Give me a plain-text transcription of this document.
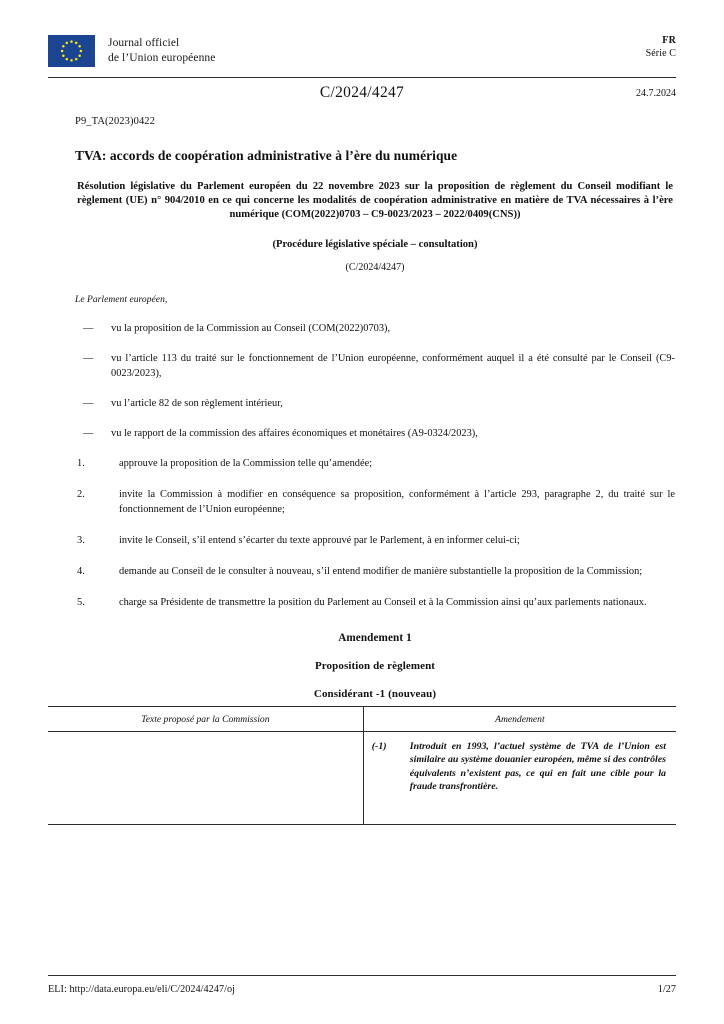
Journal officiel
de l’Union européenne
FR
Série C
C/2024/4247	24.7.2024

P9_TA(2023)0422

TVA: accords de coopération administrative à l’ère du numérique

Résolution législative du Parlement européen du 22 novembre 2023 sur la proposition de règlement du Conseil modifiant le règlement (UE) n° 904/2010 en ce qui concerne les modalités de coopération administrative en matière de TVA nécessaires à l’ère numérique (COM(2022)0703 – C9-0023/2023 – 2022/0409(CNS))

(Procédure législative spéciale – consultation)

(C/2024/4247)

Le Parlement européen,

— vu la proposition de la Commission au Conseil (COM(2022)0703),
— vu l’article 113 du traité sur le fonctionnement de l’Union européenne, conformément auquel il a été consulté par le Conseil (C9-0023/2023),
— vu l’article 82 de son règlement intérieur,
— vu le rapport de la commission des affaires économiques et monétaires (A9-0324/2023),
1.	approuve la proposition de la Commission telle qu’amendée;
2.	invite la Commission à modifier en conséquence sa proposition, conformément à l’article 293, paragraphe 2, du traité sur le fonctionnement de l’Union européenne;
3.	invite le Conseil, s’il entend s’écarter du texte approuvé par le Parlement, à en informer celui-ci;
4.	demande au Conseil de le consulter à nouveau, s’il entend modifier de manière substantielle la proposition de la Commission;
5.	charge sa Présidente de transmettre la position du Parlement au Conseil et à la Commission ainsi qu’aux parlements nationaux.
Amendement 1
Proposition de règlement
Considérant -1 (nouveau)
Texte proposé par la Commission	Amendement

	(-1) Introduit en 1993, l’actuel système de TVA de l’Union est similaire au système douanier européen, même si des contrôles équivalents n’existent pas, ce qui en fait une cible pour la fraude transfrontière.
ELI: http://data.europa.eu/eli/C/2024/4247/oj	1/27
